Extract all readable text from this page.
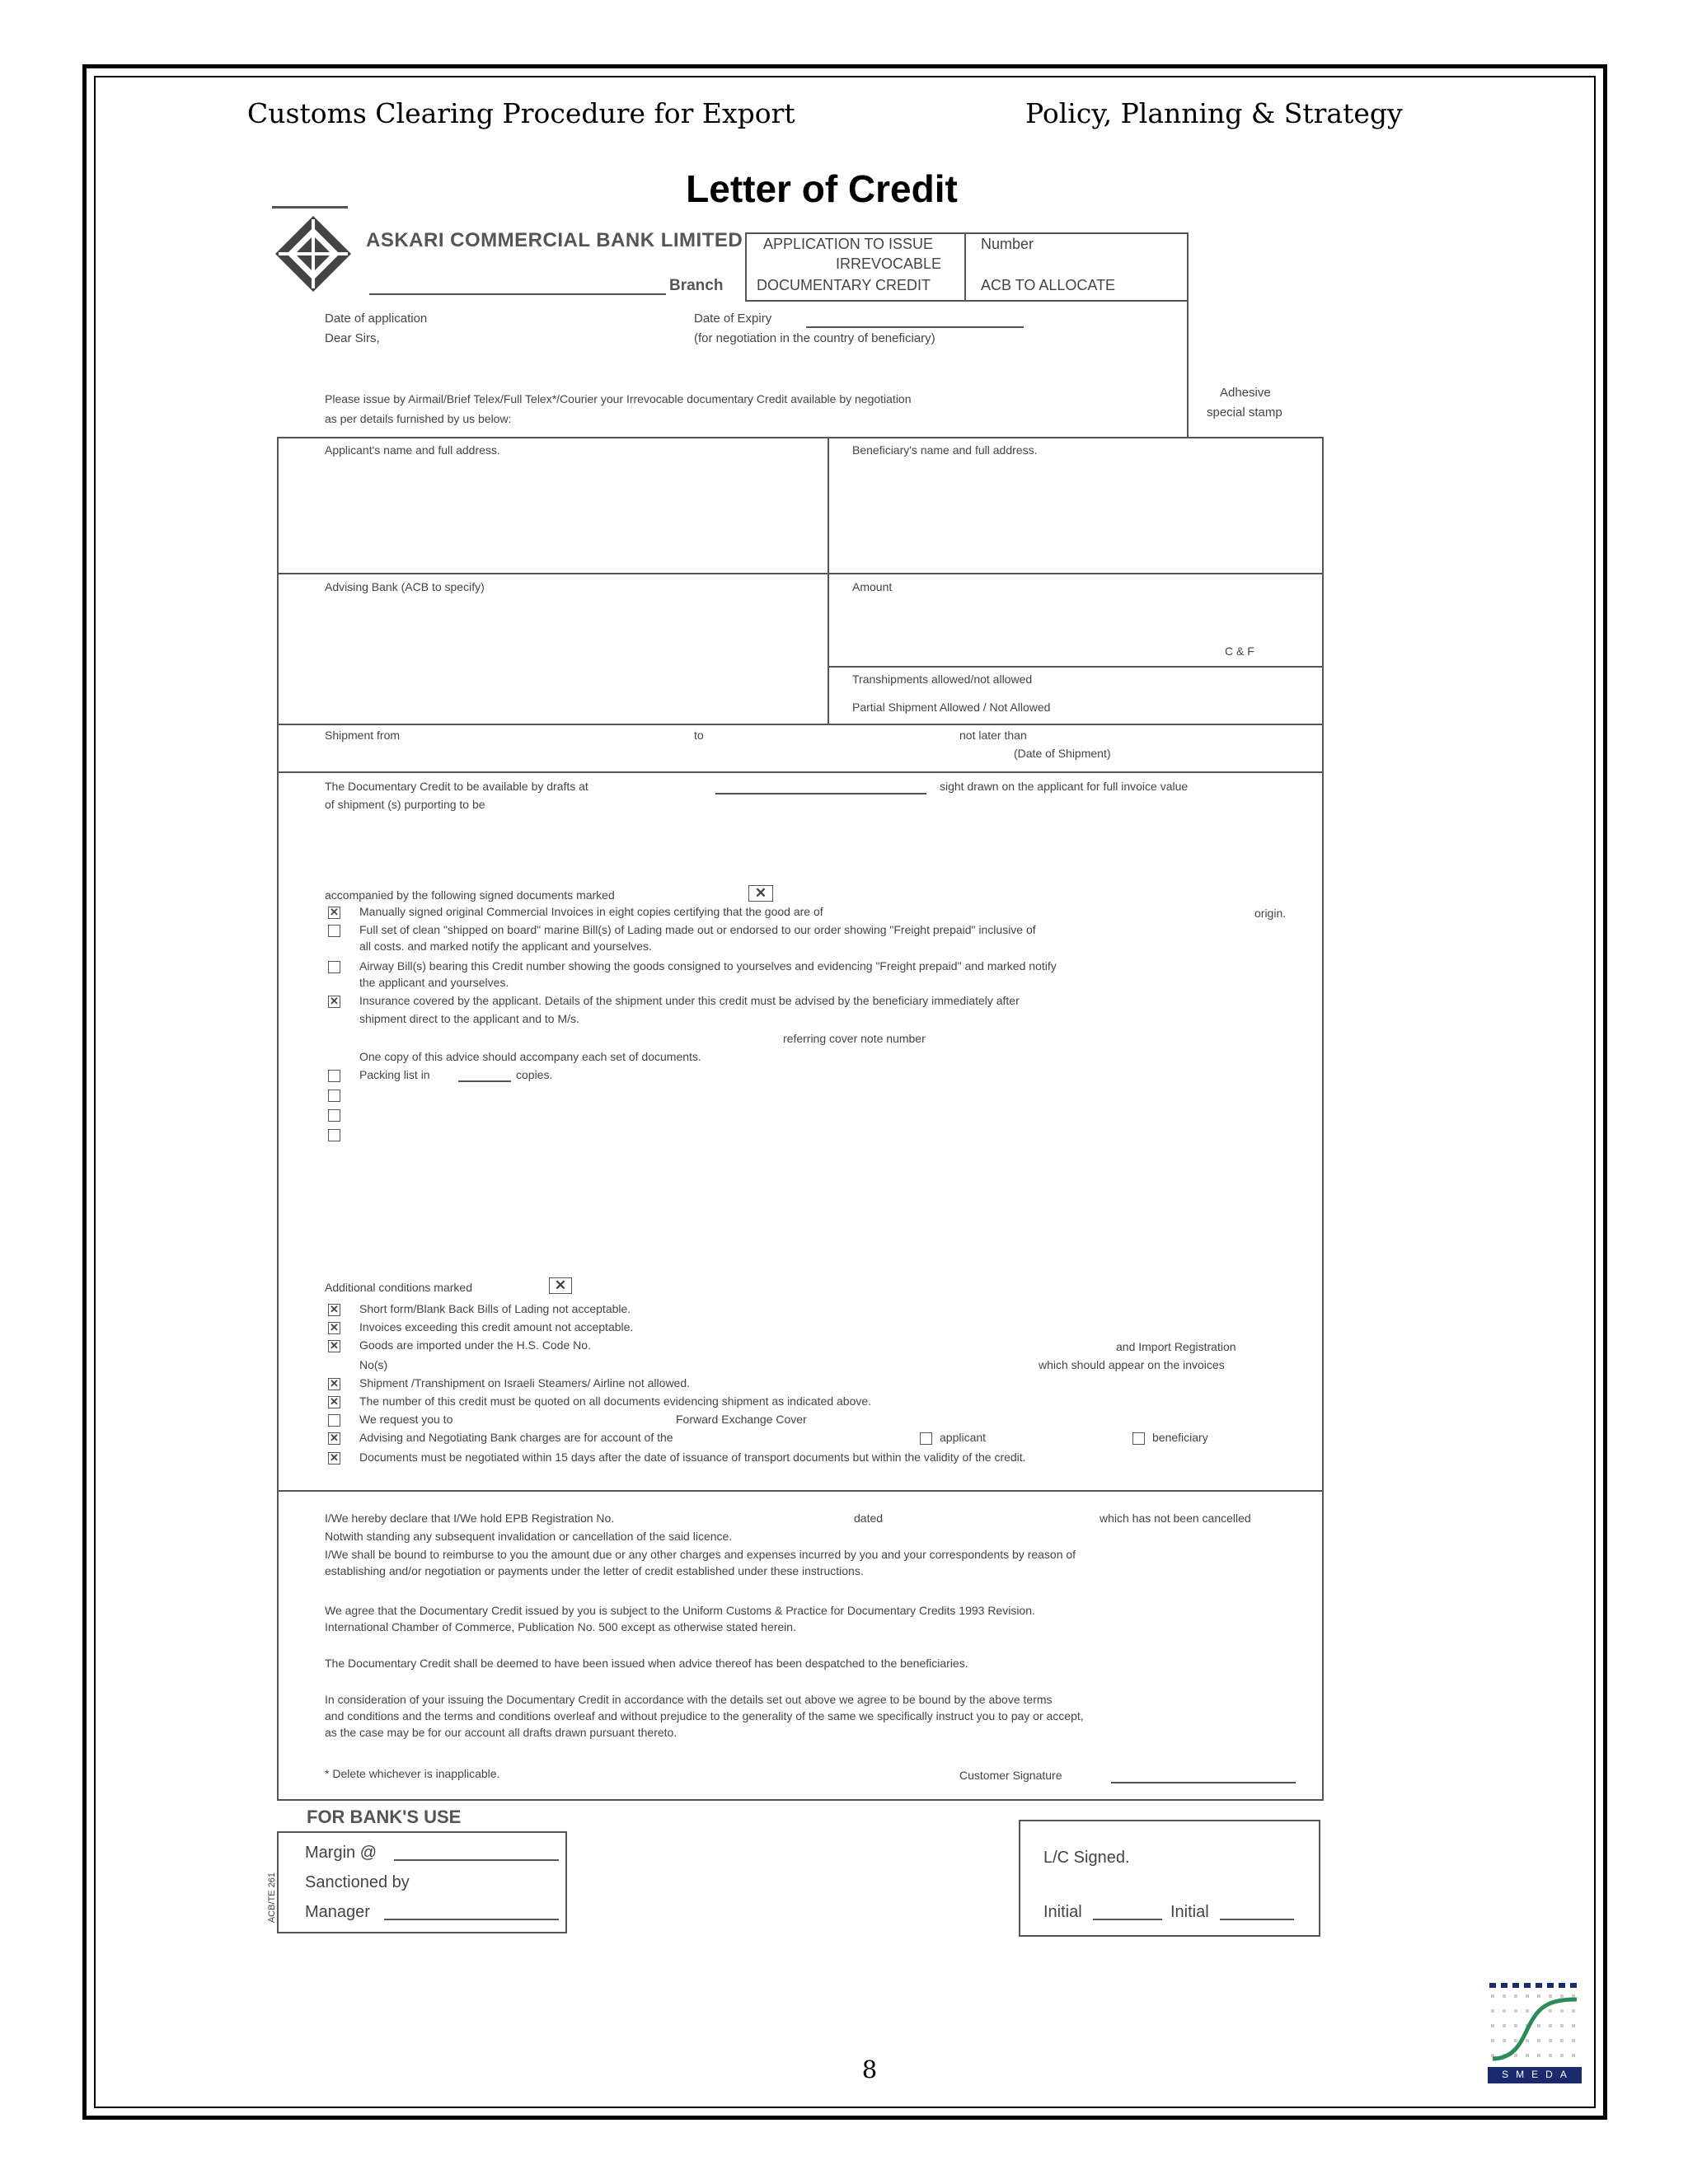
Customs Clearing Procedure for Export	Policy, Planning & Strategy
Letter of Credit
ASKARI COMMERCIAL BANK LIMITED
Branch
APPLICATION TO ISSUE
IRREVOCABLE
DOCUMENTARY CREDIT
Number
ACB TO ALLOCATE
Date of application
Dear Sirs,
Date of Expiry
(for negotiation in the country of beneficiary)
Please issue by Airmail/Brief Telex/Full Telex*/Courier your Irrevocable documentary Credit available by negotiation
as per details furnished by us below:
Adhesive
special stamp
Applicant's name and full address.	Beneficiary's name and full address.
Advising Bank (ACB to specify)	Amount
C & F
Transhipments allowed/not allowed
Partial Shipment Allowed / Not Allowed
Shipment from	to	not later than
(Date of Shipment)
The Documentary Credit to be available by drafts at	sight drawn on the applicant for full invoice value
of shipment (s) purporting to be
accompanied by the following signed documents marked	✕
✕ Manually signed original Commercial Invoices in eight copies certifying that the good are of	origin.
Full set of clean "shipped on board" marine Bill(s) of Lading made out or endorsed to our order showing "Freight prepaid" inclusive of
all costs. and marked notify the applicant and yourselves.
Airway Bill(s) bearing this Credit number showing the goods consigned to yourselves and evidencing "Freight prepaid" and marked notify
the applicant and yourselves.
✕ Insurance covered by the applicant. Details of the shipment under this credit must be advised by the beneficiary immediately after
shipment direct to the applicant and to M/s.
referring cover note number
One copy of this advice should accompany each set of documents.
Packing list in	copies.
Additional conditions marked	✕
✕ Short form/Blank Back Bills of Lading not acceptable.
✕ Invoices exceeding this credit amount not acceptable.
✕ Goods are imported under the H.S. Code No.	and Import Registration
No(s)	which should appear on the invoices
✕ Shipment /Transhipment on Israeli Steamers/ Airline not allowed.
✕ The number of this credit must be quoted on all documents evidencing shipment as indicated above.
We request you to	Forward Exchange Cover
✕ Advising and Negotiating Bank charges are for account of the	applicant	beneficiary
✕ Documents must be negotiated within 15 days after the date of issuance of transport documents but within the validity of the credit.
I/We hereby declare that I/We hold EPB Registration No.	dated	which has not been cancelled
Notwith standing any subsequent invalidation or cancellation of the said licence.
I/We shall be bound to reimburse to you the amount due or any other charges and expenses incurred by you and your correspondents by reason of
establishing and/or negotiation or payments under the letter of credit established under these instructions.
We agree that the Documentary Credit issued by you is subject to the Uniform Customs & Practice for Documentary Credits 1993 Revision.
International Chamber of Commerce, Publication No. 500 except as otherwise stated herein.
The Documentary Credit shall be deemed to have been issued when advice thereof has been despatched to the beneficiaries.
In consideration of your issuing the Documentary Credit in accordance with the details set out above we agree to be bound by the above terms
and conditions and the terms and conditions overleaf and without prejudice to the generality of the same we specifically instruct you to pay or accept,
as the case may be for our account all drafts drawn pursuant thereto.
* Delete whichever is inapplicable.	Customer Signature
FOR BANK'S USE
ACB/TE 261
Margin @
Sanctioned by
Manager
L/C Signed.
Initial	Initial
SMEDA
8
